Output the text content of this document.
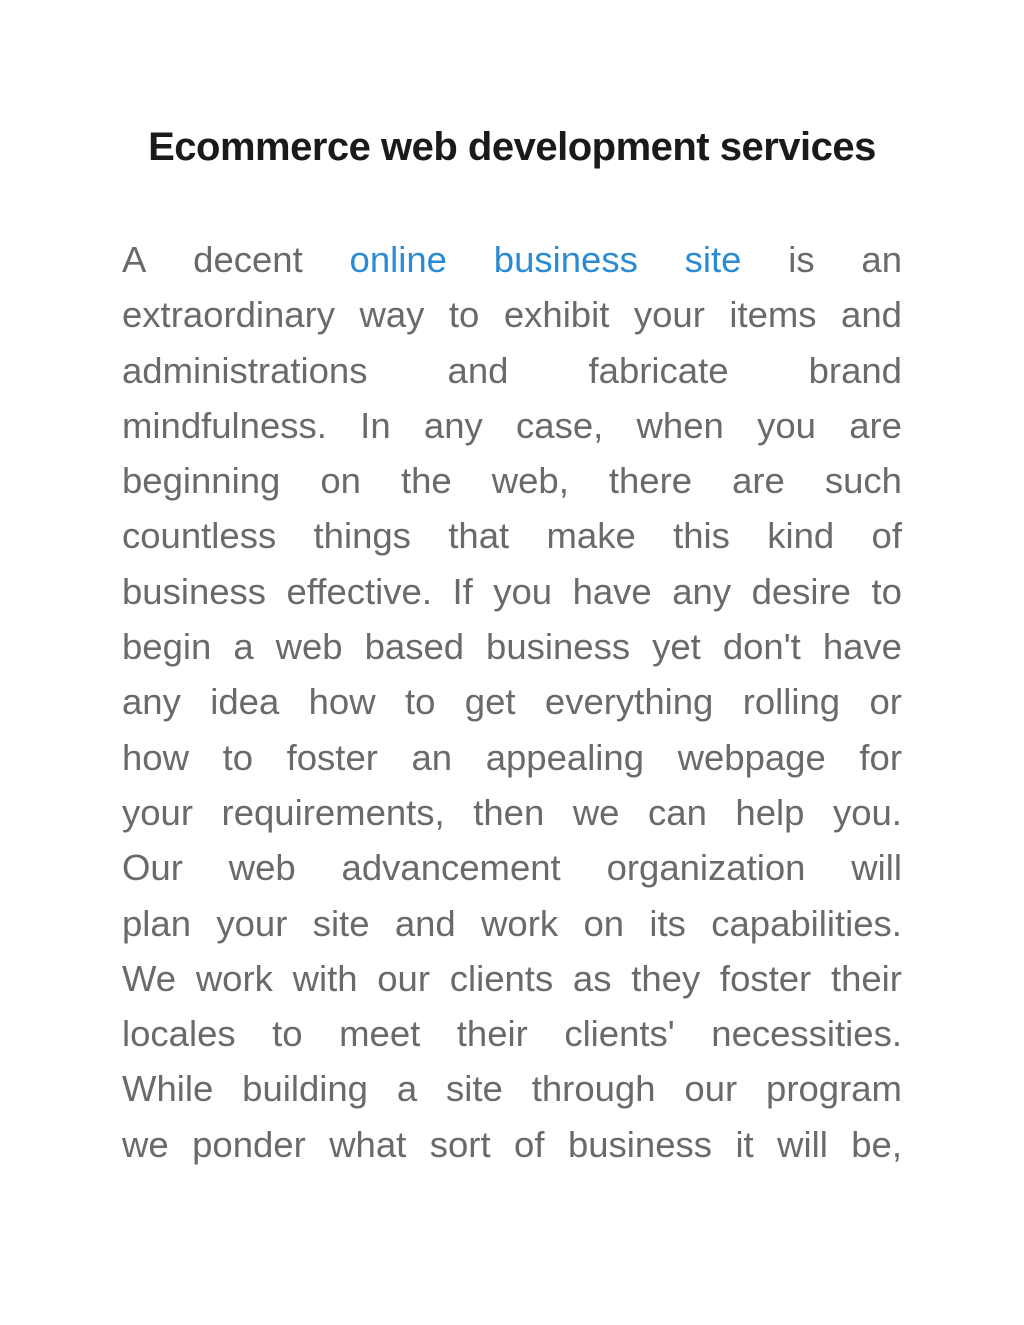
Ecommerce web development services
A decent online business site is an
extraordinary way to exhibit your items and
administrations and fabricate brand
mindfulness. In any case, when you are
beginning on the web, there are such
countless things that make this kind of
business effective. If you have any desire to
begin a web based business yet don't have
any idea how to get everything rolling or
how to foster an appealing webpage for
your requirements, then we can help you.
Our web advancement organization will
plan your site and work on its capabilities.
We work with our clients as they foster their
locales to meet their clients' necessities.
While building a site through our program
we ponder what sort of business it will be,
